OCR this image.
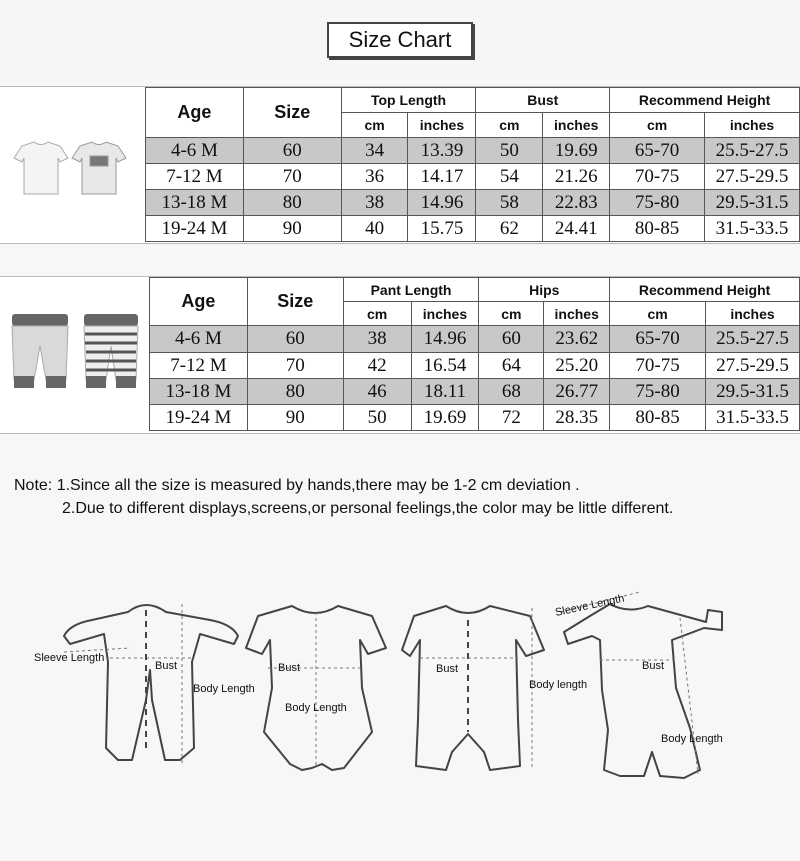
Size Chart
Age	Size	Top Length		Bust		Recommend Height	
		cm	inches	cm	inches	cm	inches
4-6 M	60	34	13.39	50	19.69	65-70	25.5-27.5
7-12 M	70	36	14.17	54	21.26	70-75	27.5-29.5
13-18 M	80	38	14.96	58	22.83	75-80	29.5-31.5
19-24 M	90	40	15.75	62	24.41	80-85	31.5-33.5
Age	Size	Pant Length		Hips		Recommend Height	
		cm	inches	cm	inches	cm	inches
4-6 M	60	38	14.96	60	23.62	65-70	25.5-27.5
7-12 M	70	42	16.54	64	25.20	70-75	27.5-29.5
13-18 M	80	46	18.11	68	26.77	75-80	29.5-31.5
19-24 M	90	50	19.69	72	28.35	80-85	31.5-33.5
Note: 1.Since all the size is measured by hands,there may be 1-2 cm deviation .
2.Due to different displays,screens,or personal feelings,the color may be little different.
Sleeve Length
Bust
Body Length
Bust
Body Length
Bust
Body length
Sleeve Length
Bust
Body Length
